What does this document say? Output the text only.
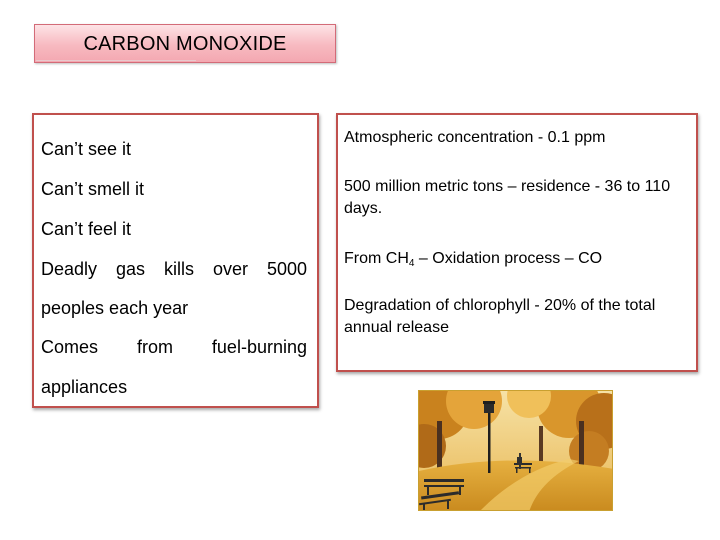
CARBON MONOXIDE
Can’t see it
Can’t smell it
Can’t feel it
Deadly gas kills over 5000
peoples each year
Comes from fuel-burning
appliances
Atmospheric concentration - 0.1 ppm
500 million metric tons – residence - 36 to 110 days.
From $CH_4$ – Oxidation process – CO
Degradation of chlorophyll - 20% of the total annual release
